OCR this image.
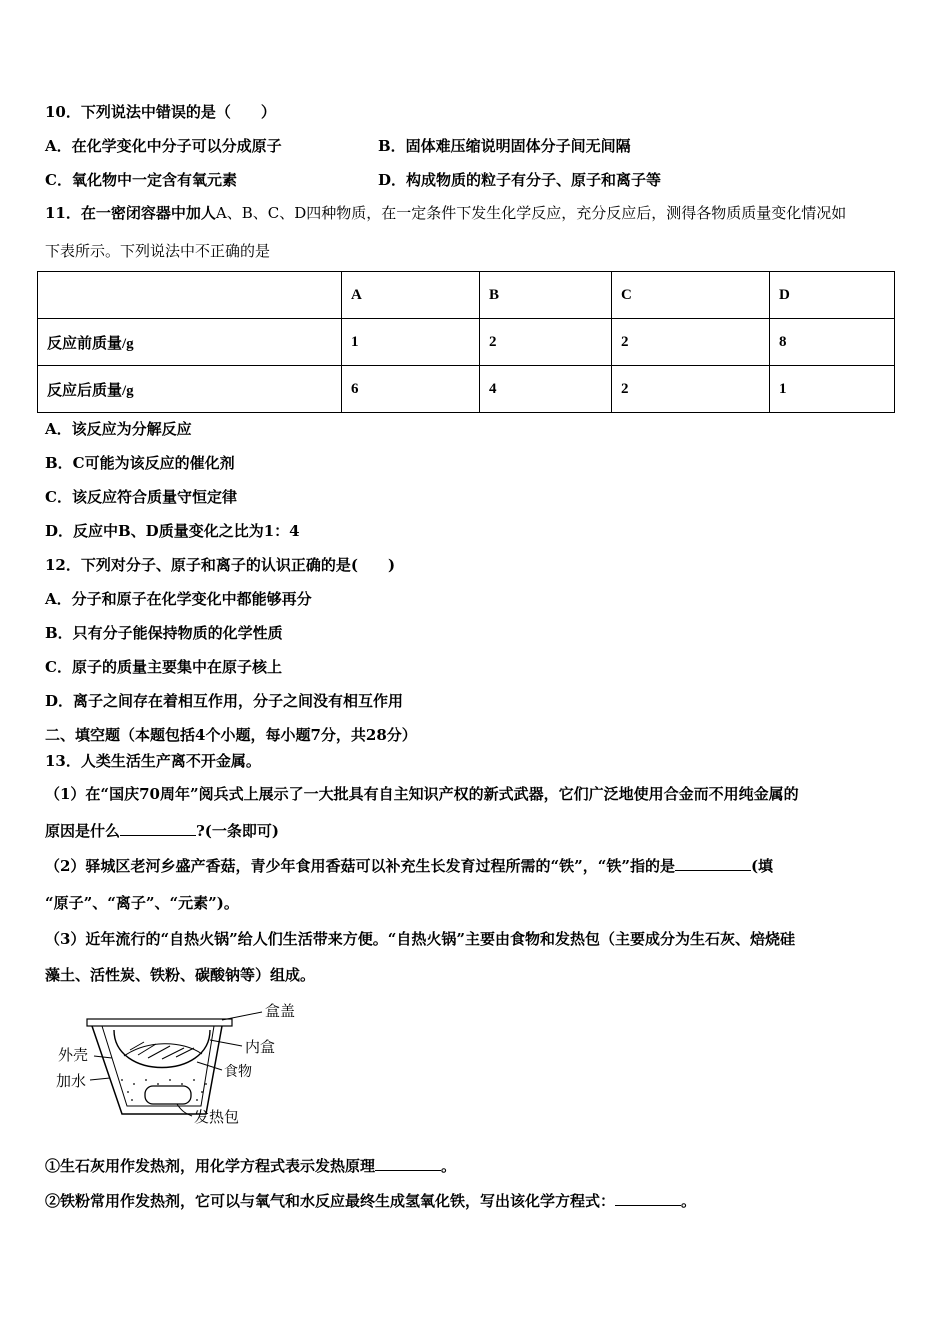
10．下列说法中错误的是（　　）
A．在化学变化中分子可以分成原子	B．固体难压缩说明固体分子间无间隔
C．氧化物中一定含有氧元素	D．构成物质的粒子有分子、原子和离子等
11．在一密闭容器中加人A、B、C、D四种物质，在一定条件下发生化学反应，充分反应后，测得各物质质量变化情况如
下表所示。下列说法中不正确的是
	A	B	C	D
反应前质量/g	1	2	2	8
反应后质量/g	6	4	2	1
A．该反应为分解反应
B．C可能为该反应的催化剂
C．该反应符合质量守恒定律
D．反应中B、D质量变化之比为1：4
12．下列对分子、原子和离子的认识正确的是(　　)
A．分子和原子在化学变化中都能够再分
B．只有分子能保持物质的化学性质
C．原子的质量主要集中在原子核上
D．离子之间存在着相互作用，分子之间没有相互作用
二、填空题（本题包括4个小题，每小题7分，共28分）
13．人类生活生产离不开金属。
（1）在“国庆70周年”阅兵式上展示了一大批具有自主知识产权的新式武器，它们广泛地使用合金而不用纯金属的
原因是什么	?(一条即可)
（2）驿城区老河乡盛产香菇，青少年食用香菇可以补充生长发育过程所需的“铁”，“铁”指的是	(填
“原子”、“离子”、“元素”)。
（3）近年流行的“自热火锅”给人们生活带来方便。“自热火锅”主要由食物和发热包（主要成分为生石灰、焙烧硅
藻土、活性炭、铁粉、碳酸钠等）组成。
盒盖
内盒
外壳
食物
加水
发热包
①生石灰用作发热剂，用化学方程式表示发热原理	。
②铁粉常用作发热剂，它可以与氧气和水反应最终生成氢氧化铁，写出该化学方程式：	。
